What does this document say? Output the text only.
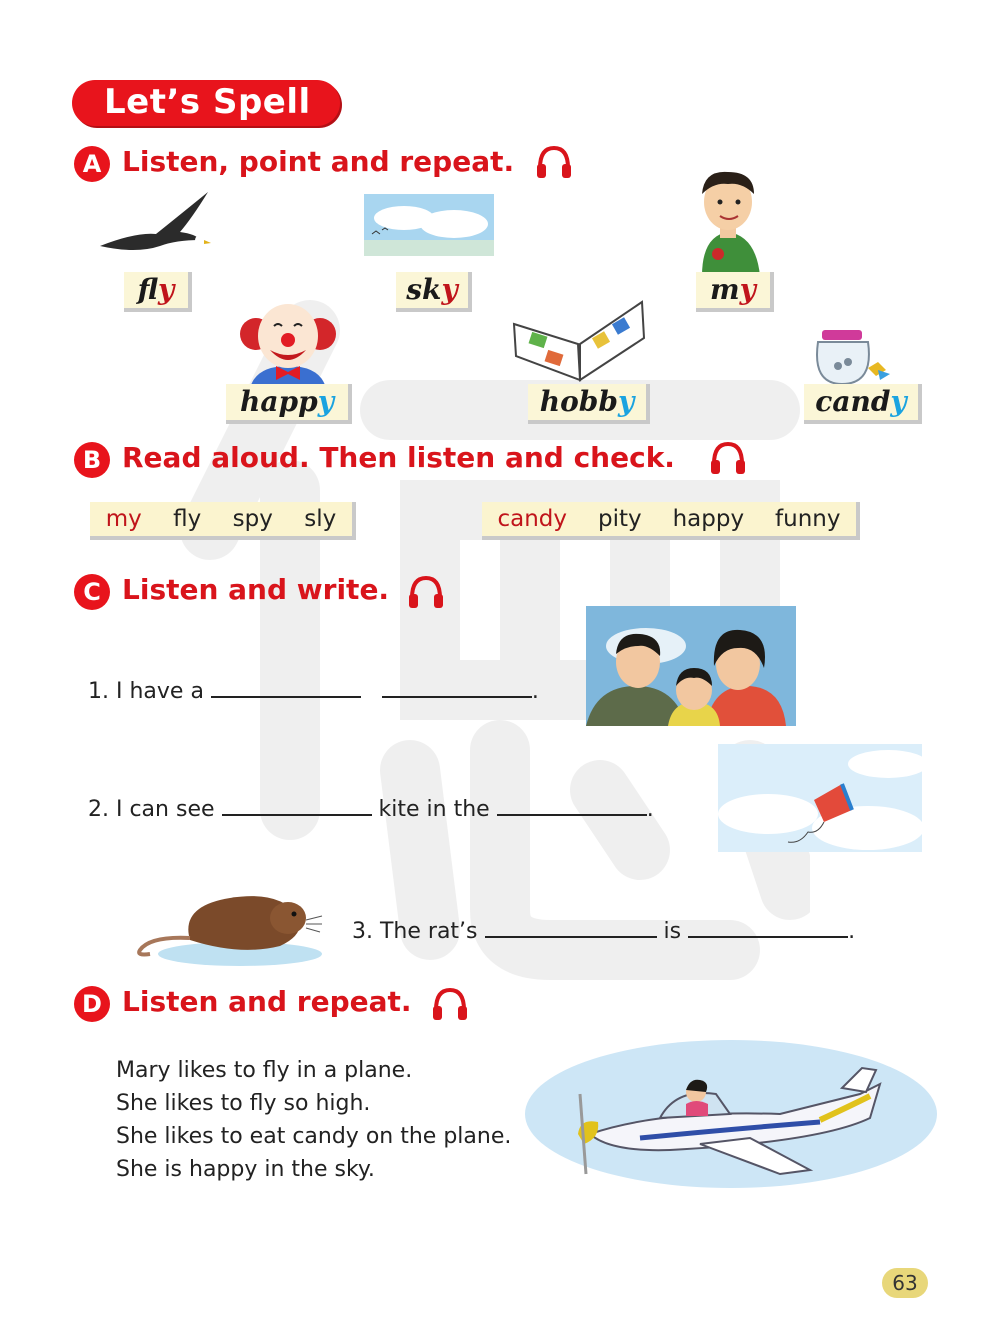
Let’s Spell
A Listen, point and repeat.
fly	sky	my
happy	hobby	candy
B Read aloud. Then listen and check.
my fly spy sly	candy pity happy funny
C Listen and write.
1. I have a	.
2. I can see	kite in the	.
3. The rat’s	is	.
D Listen and repeat.
Mary likes to fly in a plane.
She likes to fly so high.
She likes to eat candy on the plane.
She is happy in the sky.
63
